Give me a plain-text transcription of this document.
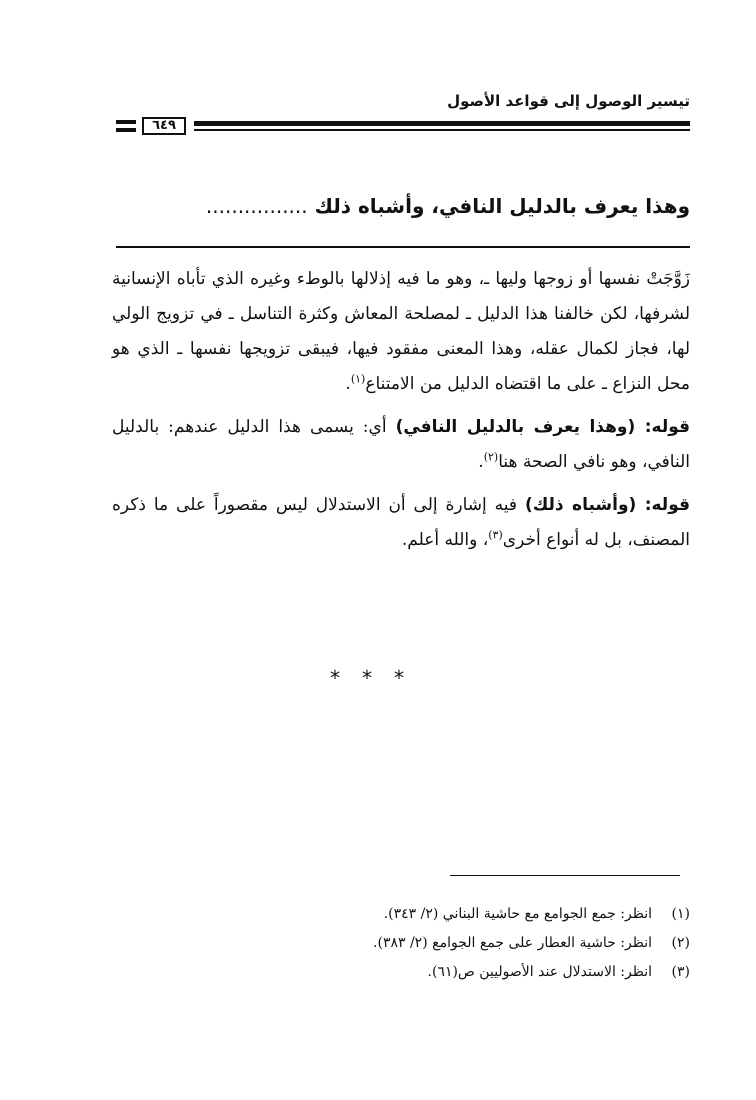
تيسير الوصول إلى قواعد الأصول
٦٤٩
وهذا يعرف بالدليل النافي، وأشباه ذلك ................

زَوَّجَتْ نفسها أو زوجها وليها ـ، وهو ما فيه إذلالها بالوطء وغيره الذي تأباه الإنسانية لشرفها، لكن خالفنا هذا الدليل ـ لمصلحة المعاش وكثرة التناسل ـ في تزويج الولي لها، فجاز لكمال عقله، وهذا المعنى مفقود فيها، فيبقى تزويجها نفسها ـ الذي هو محل النزاع ـ على ما اقتضاه الدليل من الامتناع$^{(١)}$.

قوله: (وهذا يعرف بالدليل النافي) أي: يسمى هذا الدليل عندهم: بالدليل النافي، وهو نافي الصحة هنا$^{(٢)}$.

قوله: (وأشباه ذلك) فيه إشارة إلى أن الاستدلال ليس مقصوراً على ما ذكره المصنف، بل له أنواع أخرى$^{(٣)}$، والله أعلم.

***
(١)انظر: جمع الجوامع مع حاشية البناني (٢/ ٣٤٣).
(٢)انظر: حاشية العطار على جمع الجوامع (٢/ ٣٨٣).
(٣)انظر: الاستدلال عند الأصوليين ص(٦١).
